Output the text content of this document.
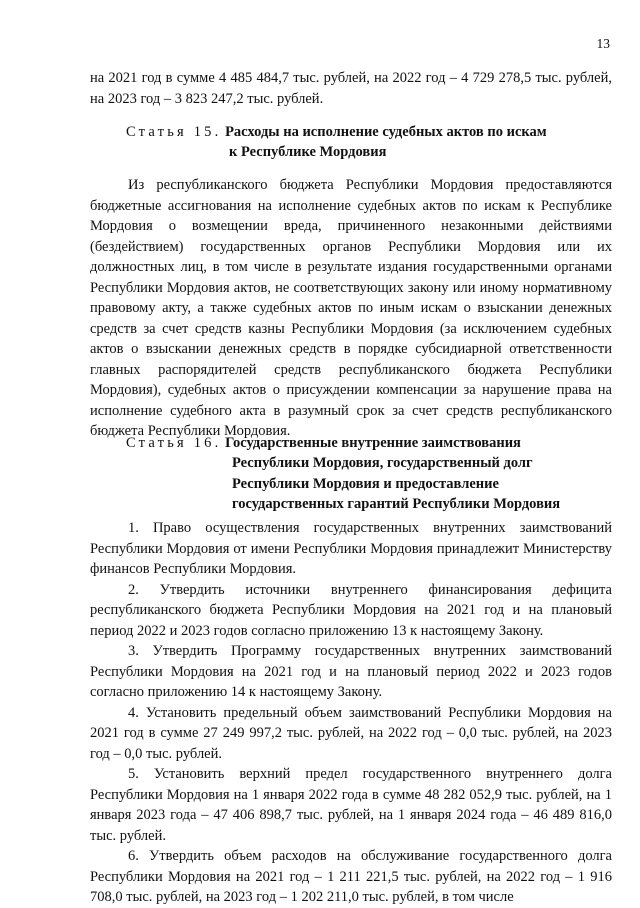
13

на 2021 год в сумме 4 485 484,7 тыс. рублей, на 2022 год – 4 729 278,5 тыс. рублей, на 2023 год – 3 823 247,2 тыс. рублей.

Статья 15. Расходы на исполнение судебных актов по искам
к Республике Мордовия

Из республиканского бюджета Республики Мордовия предоставляются бюджетные ассигнования на исполнение судебных актов по искам к Республике Мордовия о возмещении вреда, причиненного незаконными действиями (бездействием) государственных органов Республики Мордовия или их должностных лиц, в том числе в результате издания государственными органами Республики Мордовия актов, не соответствующих закону или иному нормативному правовому акту, а также судебных актов по иным искам о взыскании денежных средств за счет средств казны Республики Мордовия (за исключением судебных актов о взыскании денежных средств в порядке субсидиарной ответственности главных распорядителей средств республиканского бюджета Республики Мордовия), судебных актов о присуждении компенсации за нарушение права на исполнение судебного акта в разумный срок за счет средств республиканского бюджета Республики Мордовия.

Статья 16. Государственные внутренние заимствования
Республики Мордовия, государственный долг
Республики Мордовия и предоставление
государственных гарантий Республики Мордовия

1. Право осуществления государственных внутренних заимствований Республики Мордовия от имени Республики Мордовия принадлежит Министерству финансов Республики Мордовия.

2. Утвердить источники внутреннего финансирования дефицита республиканского бюджета Республики Мордовия на 2021 год и на плановый период 2022 и 2023 годов согласно приложению 13 к настоящему Закону.

3. Утвердить Программу государственных внутренних заимствований Республики Мордовия на 2021 год и на плановый период 2022 и 2023 годов согласно приложению 14 к настоящему Закону.

4. Установить предельный объем заимствований Республики Мордовия на 2021 год в сумме 27 249 997,2 тыс. рублей, на 2022 год – 0,0 тыс. рублей, на 2023 год – 0,0 тыс. рублей.

5. Установить верхний предел государственного внутреннего долга Республики Мордовия на 1 января 2022 года в сумме 48 282 052,9 тыс. рублей, на 1 января 2023 года – 47 406 898,7 тыс. рублей, на 1 января 2024 года – 46 489 816,0 тыс. рублей.

6. Утвердить объем расходов на обслуживание государственного долга Республики Мордовия на 2021 год – 1 211 221,5 тыс. рублей, на 2022 год – 1 916 708,0 тыс. рублей, на 2023 год – 1 202 211,0 тыс. рублей, в том числе
